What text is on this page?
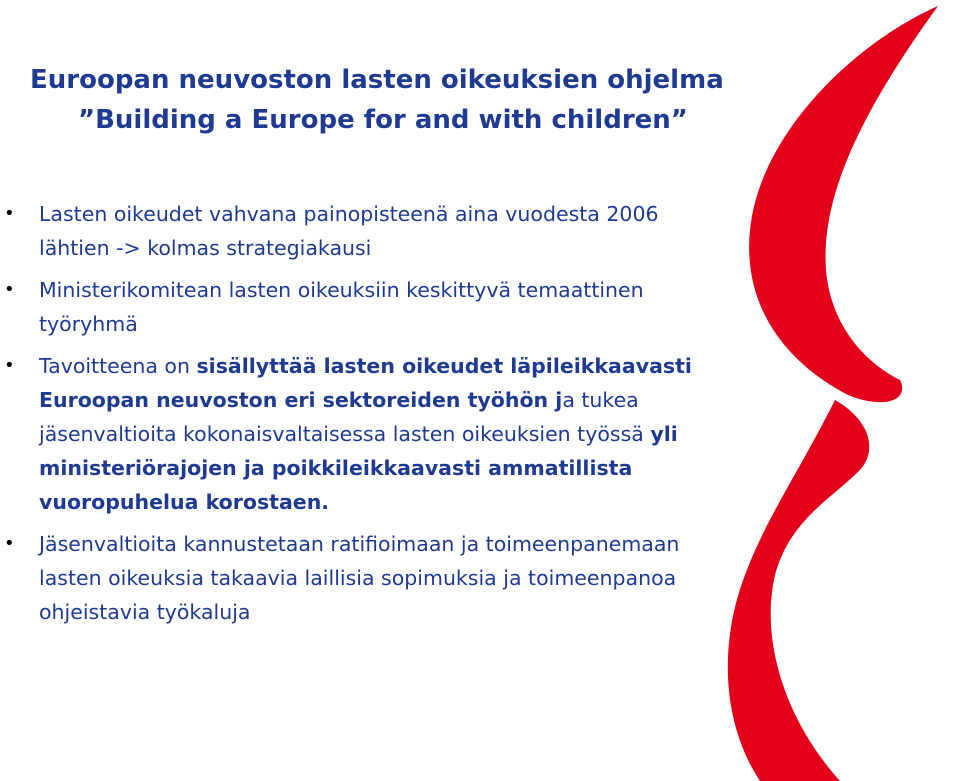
Euroopan neuvoston lasten oikeuksien ohjelma
”Building a Europe for and with children”
• Lasten oikeudet vahvana painopisteenä aina vuodesta 2006 lähtien -> kolmas strategiakausi
• Ministerikomitean lasten oikeuksiin keskittyvä temaattinen työryhmä
• Tavoitteena on sisällyttää lasten oikeudet läpileikkaavasti Euroopan neuvoston eri sektoreiden työhön ja tukea jäsenvaltioita kokonaisvaltaisessa lasten oikeuksien työssä yli ministeriörajojen ja poikkileikkaavasti ammatillista vuoropuhelua korostaen.
• Jäsenvaltioita kannustetaan ratifioimaan ja toimeenpanemaan lasten oikeuksia takaavia laillisia sopimuksia ja toimeenpanoa ohjeistavia työkaluja
